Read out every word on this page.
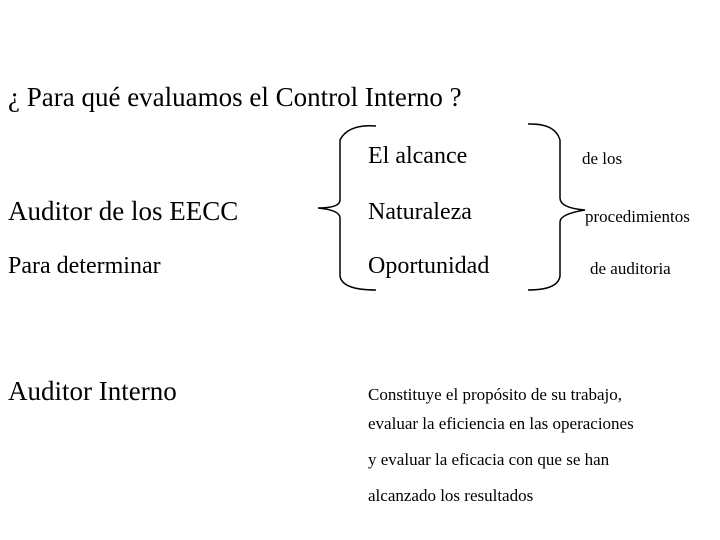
¿ Para qué evaluamos el Control Interno ?
Auditor de los EECC
Para determinar
El alcance
Naturaleza
Oportunidad
de los
procedimientos
de auditoria
Auditor Interno	Constituye el propósito de su trabajo,
evaluar la eficiencia en las operaciones
y evaluar la eficacia con que se han
alcanzado los resultados
